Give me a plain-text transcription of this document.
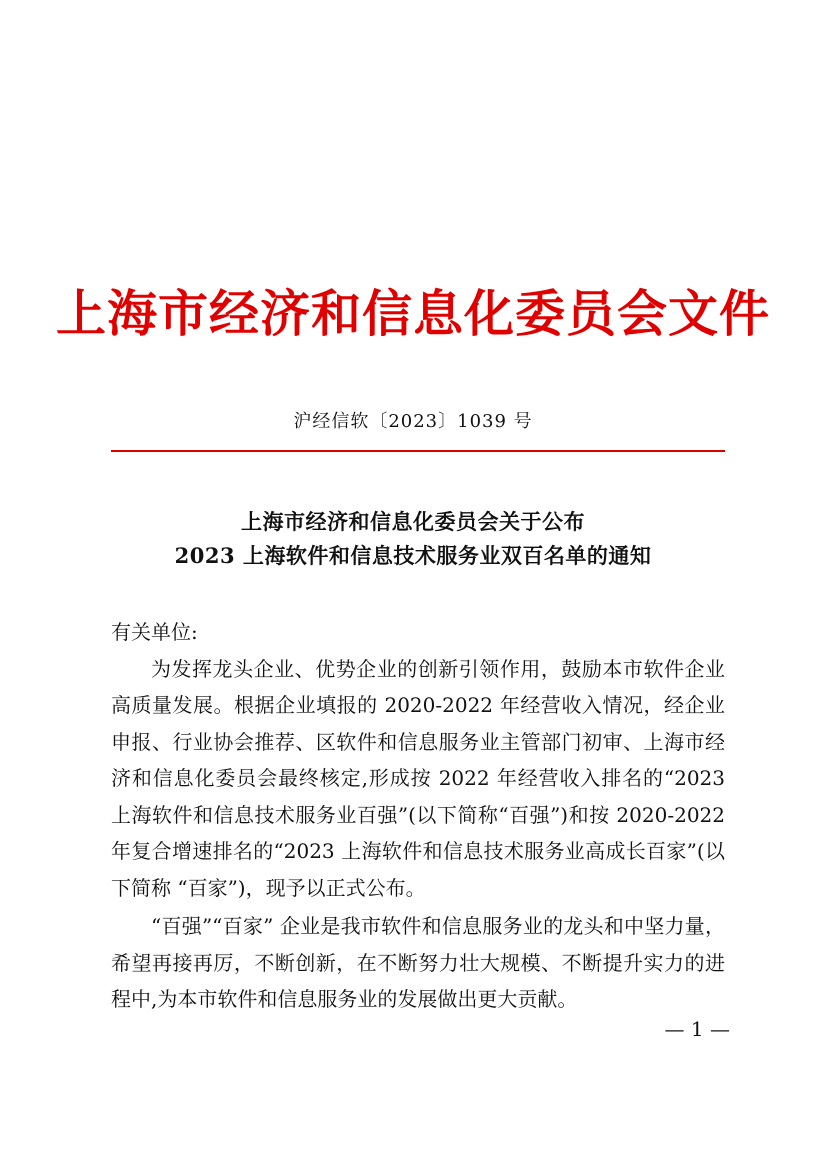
上海市经济和信息化委员会文件
沪经信软〔2023〕1039 号
上海市经济和信息化委员会关于公布
2023 上海软件和信息技术服务业双百名单的通知

有关单位:

为发挥龙头企业、优势企业的创新引领作用，鼓励本市软件企业高质量发展。根据企业填报的 2020-2022 年经营收入情况，经企业申报、行业协会推荐、区软件和信息服务业主管部门初审、上海市经济和信息化委员会最终核定,形成按 2022 年经营收入排名的“2023 上海软件和信息技术服务业百强”(以下简称“百强”)和按 2020-2022 年复合增速排名的“2023 上海软件和信息技术服务业高成长百家”(以下简称 “百家”)，现予以正式公布。

“百强”“百家” 企业是我市软件和信息服务业的龙头和中坚力量，希望再接再厉，不断创新，在不断努力壮大规模、不断提升实力的进程中,为本市软件和信息服务业的发展做出更大贡献。

— 1 —
